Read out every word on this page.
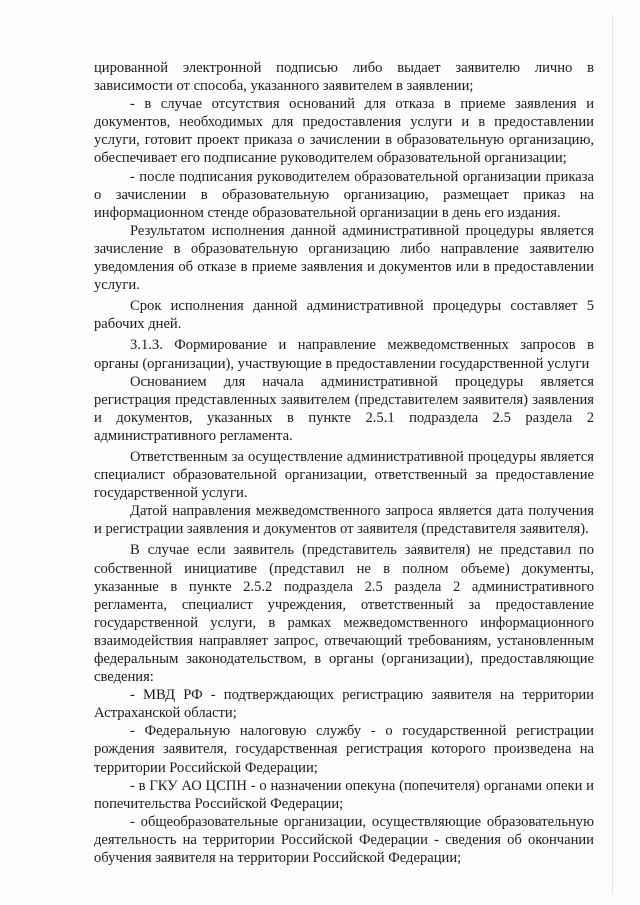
цированной электронной подписью либо выдает заявителю лично в зависимости от способа, указанного заявителем в заявлении;

- в случае отсутствия оснований для отказа в приеме заявления и документов, необходимых для предоставления услуги и в предоставлении услуги, готовит проект приказа о зачислении в образовательную организацию, обеспечивает его подписание руководителем образовательной организации;

- после подписания руководителем образовательной организации приказа о зачислении в образовательную организацию, размещает приказ на информационном стенде образовательной организации в день его издания.

Результатом исполнения данной административной процедуры является зачисление в образовательную организацию либо направление заявителю уведомления об отказе в приеме заявления и документов или в предоставлении услуги.

Срок исполнения данной административной процедуры составляет 5 рабочих дней.

3.1.3. Формирование и направление межведомственных запросов в органы (организации), участвующие в предоставлении государственной услуги

Основанием для начала административной процедуры является регистрация представленных заявителем (представителем заявителя) заявления и документов, указанных в пункте 2.5.1 подраздела 2.5 раздела 2 административного регламента.

Ответственным за осуществление административной процедуры является специалист образовательной организации, ответственный за предоставление государственной услуги.

Датой направления межведомственного запроса является дата получения и регистрации заявления и документов от заявителя (представителя заявителя).

В случае если заявитель (представитель заявителя) не представил по собственной инициативе (представил не в полном объеме) документы, указанные в пункте 2.5.2 подраздела 2.5 раздела 2 административного регламента, специалист учреждения, ответственный за предоставление государственной услуги, в рамках межведомственного информационного взаимодействия направляет запрос, отвечающий требованиям, установленным федеральным законодательством, в органы (организации), предоставляющие сведения:

- МВД РФ - подтверждающих регистрацию заявителя на территории Астраханской области;

- Федеральную налоговую службу - о государственной регистрации рождения заявителя, государственная регистрация которого произведена на территории Российской Федерации;

- в ГКУ АО ЦСПН - о назначении опекуна (попечителя) органами опеки и попечительства Российской Федерации;

- общеобразовательные организации, осуществляющие образовательную деятельность на территории Российской Федерации - сведения об окончании обучения заявителя на территории Российской Федерации;
